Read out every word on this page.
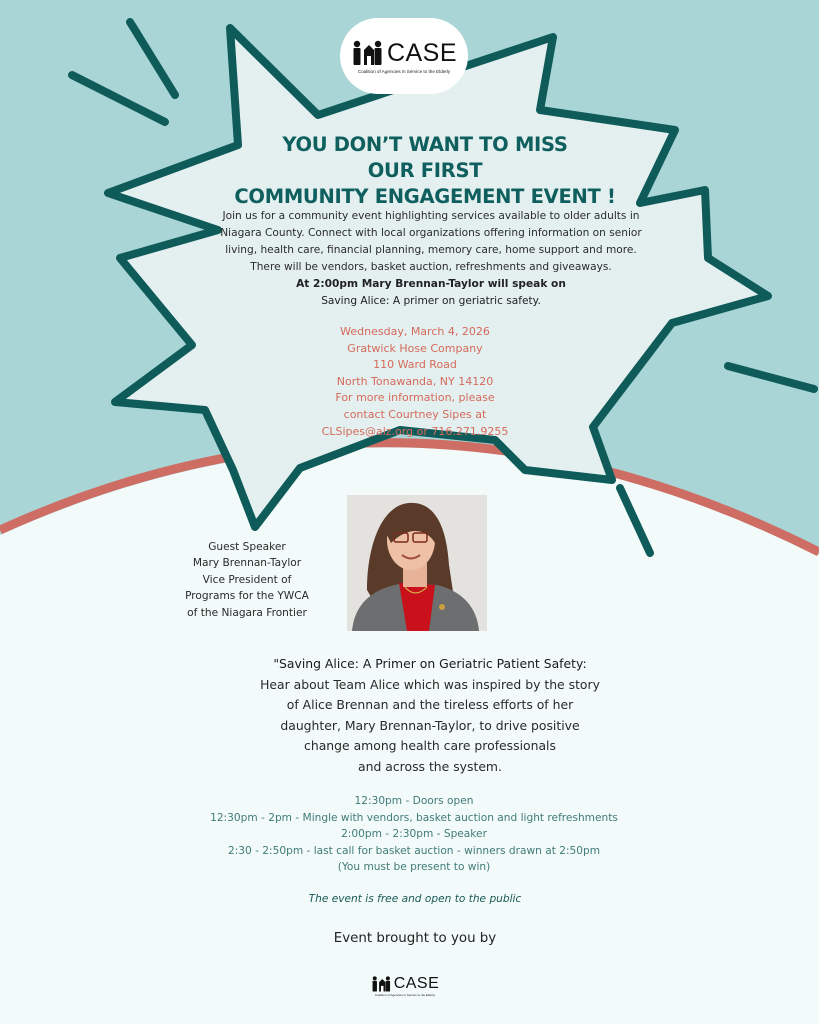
CASE
Coalition of Agencies in Service to the Elderly
YOU DON’T WANT TO MISS
OUR FIRST
COMMUNITY ENGAGEMENT EVENT !
Join us for a community event highlighting services available to older adults in
Niagara County. Connect with local organizations offering information on senior
living, health care, financial planning, memory care, home support and more.
There will be vendors, basket auction, refreshments and giveaways.
At 2:00pm Mary Brennan-Taylor will speak on
Saving Alice: A primer on geriatric safety.
Wednesday, March 4, 2026
Gratwick Hose Company
110 Ward Road
North Tonawanda, NY 14120
For more information, please
contact Courtney Sipes at
CLSipes@alz.org or 716.271.9255
Guest Speaker
Mary Brennan-Taylor
Vice President of
Programs for the YWCA
of the Niagara Frontier
"Saving Alice: A Primer on Geriatric Patient Safety:
Hear about Team Alice which was inspired by the story
of Alice Brennan and the tireless efforts of her
daughter, Mary Brennan-Taylor, to drive positive
change among health care professionals
and across the system.
12:30pm - Doors open
12:30pm - 2pm - Mingle with vendors, basket auction and light refreshments
2:00pm - 2:30pm - Speaker
2:30 - 2:50pm - last call for basket auction - winners drawn at 2:50pm
(You must be present to win)
The event is free and open to the public
Event brought to you by
CASE
Coalition of Agencies in Service to the Elderly
